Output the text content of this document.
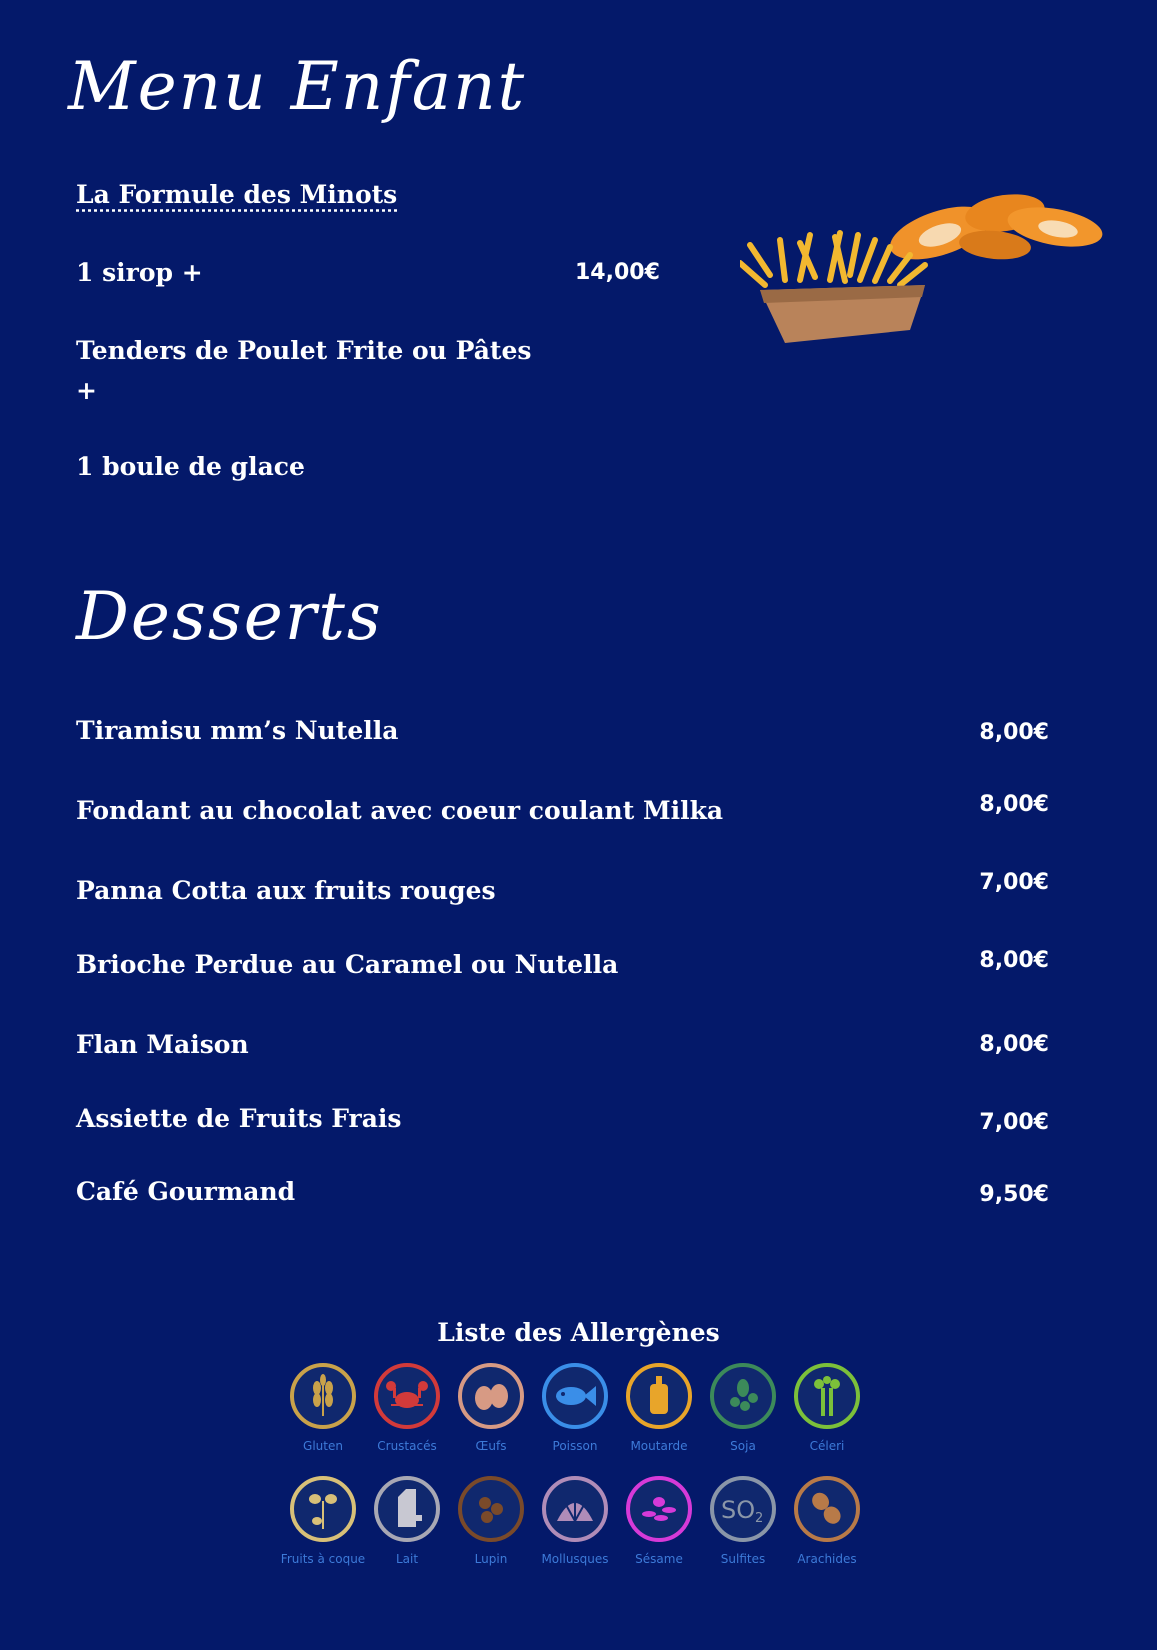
Menu Enfant
La Formule des Minots
1 sirop +	14,00€
Tenders de Poulet Frite ou Pâtes
+
1 boule de glace
Desserts
Tiramisu mm’s Nutella	8,00€
Fondant au chocolat avec coeur coulant Milka	8,00€
Panna Cotta aux fruits rouges	7,00€
Brioche Perdue au Caramel ou Nutella	8,00€
Flan Maison	8,00€
Assiette de Fruits Frais	7,00€
Café Gourmand	9,50€
Liste des Allergènes
Gluten	Crustacés	Œufs	Poisson	Moutarde	Soja	Céleri
Fruits à coque	Lait	Lupin	Mollusques	Sésame
SO 2
Sulfites	Arachides
